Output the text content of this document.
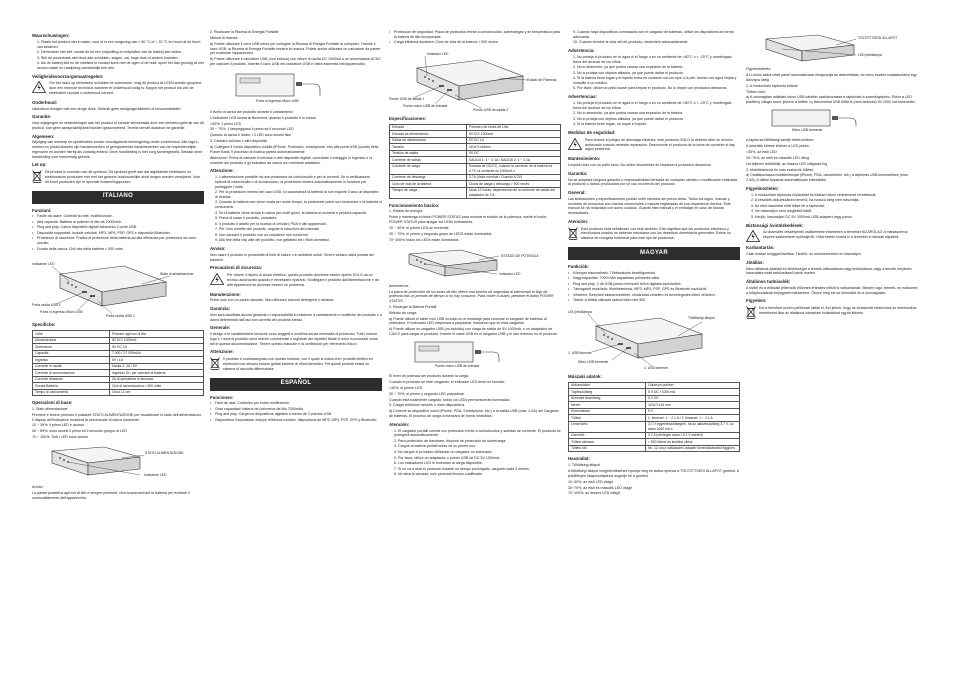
Waarschuwingen:
1. Plaats het product niet in water, vuur of in een omgeving van > 60 °C of < 20 °C en houd uit de buurt van kinderen.
2. Demonteer niet zelf, omdat dit tot een ontploffing en ontploffen van de batterij kan leiden.
3. Stel de powerbank niet bloot aan schokken, slagen, val, hoge druk of andere krachten.
4. Als de batterij lekt en de vloeistof in contact komt met de ogen of de huid, spoel het dan grondig af met schoon water en raadpleeg onmiddellijk een arts.
Veiligheidsvoorzorgsmaatregelen:

Om het risico op elektrische schokken te voorkomen, mag dit product ALLEEN worden geopend door een erkende technicus wanneer er onderhoud nodig is. Koppel het product los van de elektriciteit voordat u onderhoud uitvoert.

Onderhoud:

Uitsluitend reinigen met een droge doek. Gebruik geen reinigingsmiddelen of schuurmiddelen.

Garantie:

Voor wijzigingen en veranderingen aan het product of schade veroorzaakt door een verkeerd gebruik van dit product, kan geen aansprakelijkheid worden geaccepteerd. Tevens vervalt daardoor de garantie.

Algemeen:

Wijziging van ontwerp en specificaties zonder voorafgaande kennisgeving onder voorbehoud. Alle logo's, merken en productnamen zijn handelsmerken of geregistreerde handelsmerken van de respectievelijke eigenaren en worden hierbij als zodanig erkend. Deze handleiding is met zorg samengesteld. Bewaar deze handleiding voor toekomstig gebruik.

Let op:

Dit product is voorzien van dit symbool. Dit symbool geeft aan dat afgedankte elektrische en elektronische producten niet met het gewone huishoudelijke afval mogen worden verwijderd. Voor dit soort producten zijn er speciale inzamelingspunten.

ITALIANO
Funzioni:
• Facile da usare. Controlli su batt. multifunzione.
• Alta capacità. Batteria ai polimeri di litio da 7000mAh.
• Plug and play. Carica dispositivi digitali attraverso 2 porte USB.
• Dispositivi supportati: Include cellulari, MP3, MP4, PSP, GPS e dispositivi Bluetooth.
• Protezione di sicurezza. Pratica di protezione della batteria ad alta efficienza per protezione da corto circuito.
• Durata della carica: Cicli vita della batteria > 500 volte.
Indicatore LED
Stato di alimentazione
Porta uscita USB 1
Porta in ingresso Micro USB
Porta uscita USB 2
Specifiche:
Celle	Polimeri agli ioni di litio
Alimentazione	5V DC/ 1000mA
Dimensioni	5V DC 1A
Capacità	7 000 / 27 000mAh
Ingresso	5V / 1A
Corrente in uscita	Uscita 1: 1A / 5V
Corrente di commutazione	Ingresso DC per caricare la batteria
Corrente Massima	2A di operativita in tensione
Durata Batteria	Cicli di carica/scarica > 500 volte
Tempo di caricamento	Circa 12 ore
Operazioni di base:

1. Stato alimentazione

Premere e tenere premuto il pulsante STATO ALIMENTAZIONE per visualizzare lo stato dell'alimentazione. Il display dell'indicatore mostrerà la percentuale di carica rimanente.

10 ~ 39%: il primo LED è acceso

40 ~ 69%: sono accesi il primo ed il secondo gruppo di LED

70 ~ 100%: Tutti i LED sono accesi

STATO ALIMENTAZIONE
Indicatore LED

Avviso:

La parete protettiva agli ioni di litio è sempre presente. Non sovraccaricare la batteria per evitarne il surriscaldamento dell'apparecchio.

2. Ricaricare la Risorsa di Energia Portatile

Metodi di ricarica:

a) Potete utilizzare il cavo USB micro per collegare la Risorsa di Energia Portatile al computer. Tramite il cavo USB, la Risorsa di Energia Portatile inizierà la ricarica. Potete anche utilizzare un caricatore da parete per ricaricare l'apparecchio.

b) Potete utilizzare il caricatore USB (non incluso) con valore di uscita DC 1000mA o un alimentatore ACDC per caricare il prodotto. Inserite il cavo USB nel caricatore USB e l'altra estremità nell'apparecchio.

Porta in ingresso Micro USB

Il livello di carica del prodotto durante il caricamento:

L'indicatore LED lucera ai illuminerà, quando il prodotto è in carica:

<30%: 1 primo LED

30 ~ 70%: 1 lampeggiano il primo ed il secondo LED

Quando la carica è totale, i 3 LED sono accesi fissi

3. Caricare cellulari o altri dispositivi

a) Collegare il vostro dispositivo mobile (iPhone, Portmanic, smartphone, etc) alla porta USB (uscita) della Power Bank, il processo di ricarica partirà automaticamente.

Attenzione: Prima di caricare il cellulare o altri dispositivi digitali, controllate il voltaggio in ingresso e la corrente del prodotto e gli indicatori da carica con eventuali adattatori.

Attenzione:
1. L'alimentazione portatile ha una protezione da cortocircuito e per le correnti. Se si verificassero episodi di cortocircuito o di sovraccarico, la protezione entrerà automaticamente in funzione per proteggere l'unità.
2. Per la protezione interna del cavo USB, si raccomanda la batteria di non esporre il cavo ai dispositivi di ricarica.
3. Quando la batteria non viene usata per molto tempo, la protezione potrà non funzionare e la batteria si consumerà.
4. Se la batteria viene tenuta in carica per molti giorni, la batteria si rovinerà e perderà capacità.
5. Prima di usare il prodotto, caricatelo.
6. Il prodotto è adatto per la ricarica di cellulari, PDA e altri apparecchi.
7. Per l'uso corretto del prodotto, seguite le istruzioni del manuale.
8. Non caricare il prodotto con un caricatore non conforme.
9. Alla fine della vita utile del prodotto, non gettatelo tra i rifiuti domestici.
Avviso:

Non usare il prodotto in prossimità di fonti di calore o in ambienti umidi. Tenere lontano dalla portata dei bambini.

Precauzioni di sicurezza:

Per ridurre il rischio di shock elettrico, questo prodotto dovrebbe essere aperto SOLO da un tecnico autorizzato quando è necessario ripararlo. Scollegare il prodotto dall'alimentazione e da altri apparecchi se dovesse esserci un problema.

Manutenzione:

Pulire solo con un panno asciutto. Non utilizzare solventi detergenti o abrasivi.

Garanzia:

Non sarà accettata alcuna garanzia o responsabilità in relazione a cambiamenti e modifiche del prodotto o a danni determinati dall'uso non corretto del prodotto stesso.

Generale:

Il design e le caratteristiche tecniche sono soggetti a modifica senza necessità di preavviso. Tutti i marchi, logo e i nomi di prodotto sono marchi commerciali o registrati dei rispettivi titolari e sono riconosciuti come tali in questa documentazione. Tenere questo manuale e la confezione per riferimento futuro.

Attenzione:

Il prodotto è contrassegnato con questo simbolo, con il quale si indica che i prodotti elettrici ed elettronici non devono essere gettati insieme ai rifiuti domestici. Per questi prodotti esiste un sistema di raccolta differenziata.

ESPAÑOL
Funciones:
• Fácil de usar. Controles por botón multifunción.
• Gran capacidad: batería de polímeros de litio 7000mAh.
• Plug and play: Carga los dispositivos digitales a través de 2 puertos USB.
• Dispositivos Soportados: Incluye teléfonos móviles, dispositivos de MP3, MP4, PSP, GPS y Bluetooth.
• Protección de seguridad: Placa de protección frente a cortocircuitos, sobrecargas y de temperatura para la batería de litio incorporada.
• Carga eléctrica duradera: Ciclo de vida de la batería > 500 veces.
Indicador LED
Estado de Potencia
Puerto USB de salida 1
Puerto micro USB de entrada
Puerto USB de salida 2
Especificaciones:
Entrada	Polímero de Iones de Litio
Entrada de alimentación	5V DC/ 1000mA
Salida de alimentación	5V DC 1A
Tamaño	110x71x16mm
Tensión de salida	5V DC
Corriente de salida	SALIDA 1: 1 ~ 2.1A / SALIDA 2: 1 ~ 2.1A
Corriente de carga	Entrada de DC/CC, cuando la corriente de la batería es 3.7V, la corriente es 1000mA ±
Corriente de descarga	3.7A (Valor nominal / Cuando 5.2V)
Ciclo de vida de la batería	Ciclos de carga y descarga > 500 veces
Tiempo de carga	Unas 12 horas, dependiendo de la corriente de salida del adaptador de CA
Funcionamiento básico:

1. Estado de energía

Pulse y mantenga el botón POWER STATUS para mostrar el estado de la potencia, suelte el botón POWER STATUS para apagar los LEDs indicadores.

10 ~ 30%: el primer LED se enciende

30 ~ 70%: el primer y segundo grupo de LEDS están iluminados

70~100%: todos los LEDs están iluminados

ESTADO DE POTENCIA
Indicador LED

Advertencia:

La placa de protección de los iones de litio ofrece una función de seguridad al interrumpir el flujo de potencia tras un período de tiempo si no hay consumo. Para volver a usarlo, presione el botón POWER STATUS.

2. Recargar la Batería Portátil

Método de carga:

a) Puede utilizar el cable mini USB incluido en el embalaje para conectar el cargador de baterías al ordenador. El indicador LED empezará a parpadear, indicando que se está cargando.

b) Puede utilizar un cargador USB (no incluido) con carga de salida de 5V 1000mA, o un adaptador de CA/CC para cargar el producto. Inserte el cable USB en el cargador USB y el otro extremo en el producto.

Puerto micro USB de entrada

El nivel de potencia del producto durante la carga:

Cuando el producto se esté cargando, el indicador LED tiene un formato:

<30%, el primer LED

30 ~ 70%, el primer y segundo LED parpadean

Cuando está totalmente cargado, todos los LEDs permanecerán iluminados

3. Cargar teléfonos móviles u otros dispositivos

a) Conecte su dispositivo móvil (iPhone, PDA, Smartphone, etc.) a la salida USB (máx. 2.0A) del Cargador de baterías. El proceso de carga comenzará de forma inmediata.

Atención:
1. El cargador portátil cuenta con protección frente a cortocircuitos y subidas de corriente. El producto se protegerá automáticamente.
2. Para protección de hardware, dispone de protección de sobrecarga.
3. Cargue la batería portátil antes de su primer uso.
4. No cargue el producto utilizando un cargador no adecuado.
5. Por favor, utilice un adaptador o puerto USB de DC 5V 1000mA.
6. Los indicadores LED le muestran la carga disponible.
7. Si no va a usar el producto durante un tiempo prolongado, cárguelo cada 3 meses.
8. No abra la carcasa, solo personal técnico cualificado.
9. Cuando haya dispositivos conectados con el cargador de baterías, utilice los dispositivos de forma adecuada.
10. Cuando termine la vida útil del producto, deséchelo adecuadamente.
Advertencia:
1. No proteja el producto en el agua ni el fuego o en un ambiente de >60°C o < -20°C y manténgalo fuera del alcance de los niños.
2. No lo desmonte, ya que podría causar una explosión de la batería.
3. No lo proteja con objetos afilados, ya que puede dañar el producto.
4. Si la batería tiene fugas y el líquido entra en contacto con los ojos o la piel, lávese con agua limpia y consulte a un médico.
5. Por favor, utilice un paño suave para limpiar el producto. No lo limpie con productos abrasivos.
Advertencias:
1. No proteja el producto en el agua ni el fuego o en un ambiente de >60°C o < -20°C y manténgalo fuera del alcance de los niños.
2. No lo desmonte, ya que podría causar una explosión de la batería.
3. No lo proteja con objetos afilados, ya que puede dañar el producto.
4. Si la batería tiene fugas, no toque el líquido.
Medidas de seguridad:

Para reducir el peligro de descarga eléctrica, este producto SOLO lo debería abrir un técnico autorizado cuando necesite reparación. Desconecte el producto de la toma de corriente si hay algún problema.

Mantenimiento:

Límpielo sólo con un paño seco. No utilice disolventes de limpieza ni productos abrasivos.

Garantía:

No se aceptará ninguna garantía o responsabilidad derivada de cualquier cambio o modificación realizada al producto o daños provocados por un uso incorrecto del producto.

General:

Las ilustraciones y especificaciones podrán sufrir cambios sin previo aviso. Todos los logos, marcas y nombres de productos son marcas comerciales o marcas registradas de sus respectivos dueños. Este manual se ha redactado con sumo cuidado. Guarde este manual y el embalaje en caso de futuras necesidades.

Atención:

Este producto está señalizado con este símbolo. Esto significa que los productos eléctricos y electrónicos usados no deberán mezclarse con los desechos domésticos generales. Existe un sistema de recogida individual para este tipo de productos.

MAGYAR
Funkciók:
• Könnyen használható: Többfunkciós kezelőgombok.
• Nagy kapacitás: 7000 mAh kapacitású polimeres akku.
• Plug and play: 2 db USB-porton keresztül tölti a digitális eszközöket.
• Támogatott eszközök: Mobiltelefonok, MP3, MP4, PSP, GPS és Bluetooth eszközök.
• Védelem: Beépített túláramvédelem, rövidzárlat-védelem és túlmelegedés elleni védelem.
• Tartós: A töltési ciklusok száma több mint 500.
LED jelzőlámpa
Töltöttségi állapot
1. USB kimenet
Micro USB bemenet
2. USB kimenet
Műszaki adatok:
Akkumulátor	Lítiumion polimer
Tápfeszültség	5 V DC / 1000 mA
Kimeneti feszültség	5 V DC
Méret	110x71x16 mm
Kimenőáram	5 V
Töltési	1. kimenet: 1 ~ 2.1 A / 2. kimenet: 1 ~ 2.1 A
Lemerülési	3.7 V egyenfeszültségnél, ha az akkufeszültség 3.7 V, az áram 1000 mA ±
Üzemidő	3.7 A (névleges áram / 5.2 V esetén)
Töltési ciklusok	> 500 töltési és kisütési ciklus
Töltési idő	Kb. 12 óra a váltóáramú adapter kimenőáramától függően
Használat:

1. Töltöttségi állapot

A töltöttségi állapot megjelenítéséhez nyomja meg és tartsa nyomva a TÖLTÖTTSÉGI ÁLLAPOT gombot. A jelzőfények kikapcsolásához engedje fel a gombot.

10~30%, az első LED világít

30~70%, az első és második LED világít

70~100%, az összes LED világít

TÖLTÖTTSÉGI ÁLLAPOT
LED jelzőlámpa

Figyelmeztetés:

A Li-ionos akkut védő panel automatikusan lekapcsolja az áramellátást, ha nincs eszköz csatlakoztatva egy bizonyos ideig.

2. A hordozható tápforrás töltése

Töltési mód:

a) A csomagban található micro USB kábellel csatlakoztassa a tápforrást a számítógéphez. Ekkor a LED jelzőfény villogni kezd, jelezve a töltést. b) Használhat USB töltőt is (nem tartozék) 5V 1000 mA kimenettel.

Micro USB bemenet

A tápforrás töltöttségi szintje töltés közben:

A készülék töltése közben a LED jelzés:

<30%, az első LED

30~70%, az első és második LED villog

Ha teljesen feltöltődik, az összes LED világítani fog

3. Mobiltelefonok és más eszközök töltése

a) Csatlakoztassa mobiltelefonját (iPhone, PDA, okostelefon, stb.) a tápforrás USB kimenetéhez (max. 2.0A). A töltési folyamat automatikusan elkezdődik.

Figyelmeztetés:
1. A hordozható tápforrás rövidzárlat és túláram elleni védelemmel rendelkezik.
2. A készülék akkumulátora lemerül, ha hosszú ideig nem használja.
3. Az első használat előtt töltse fel a tápforrást.
4. Ne használjon nem megfelelő töltőt.
5. Kérjük, használjon DC 5V 1000mA USB adaptert vagy portot.
Biztonsági óvintézkedések:

Az áramütés veszélyének csökkentése érdekében a terméket KIZÁRÓLAG a márkaszerviz képzett szakembere nyithatja fel. Hiba esetén húzza ki a terméket a hálózati aljzatból.

Karbantartás:

Csak száraz ronggyal tisztítsa. Tisztító- és súrolószereket ne használjon.

Jótállás:

Nem vállalunk jótállást és felelősséget a termék változtatásai vagy módosításai, vagy a termék helytelen használata miatt bekövetkező károk esetén.

Általános tudnivalók:

A kivitel és a műszaki jellemzők előzetes értesítés nélkül is változhatnak. Minden logó, termék- és márkanév a tulajdonosának bejegyzett márkaneve. Őrizze meg ezt az útmutatót és a csomagolást.

Figyelem:

Ezt a terméket ezzel a jelöléssel látták el. Azt jelenti, hogy az elhasznált elektromos és elektronikus termékeket tilos az általános háztartási hulladékkal együtt kidobni.
